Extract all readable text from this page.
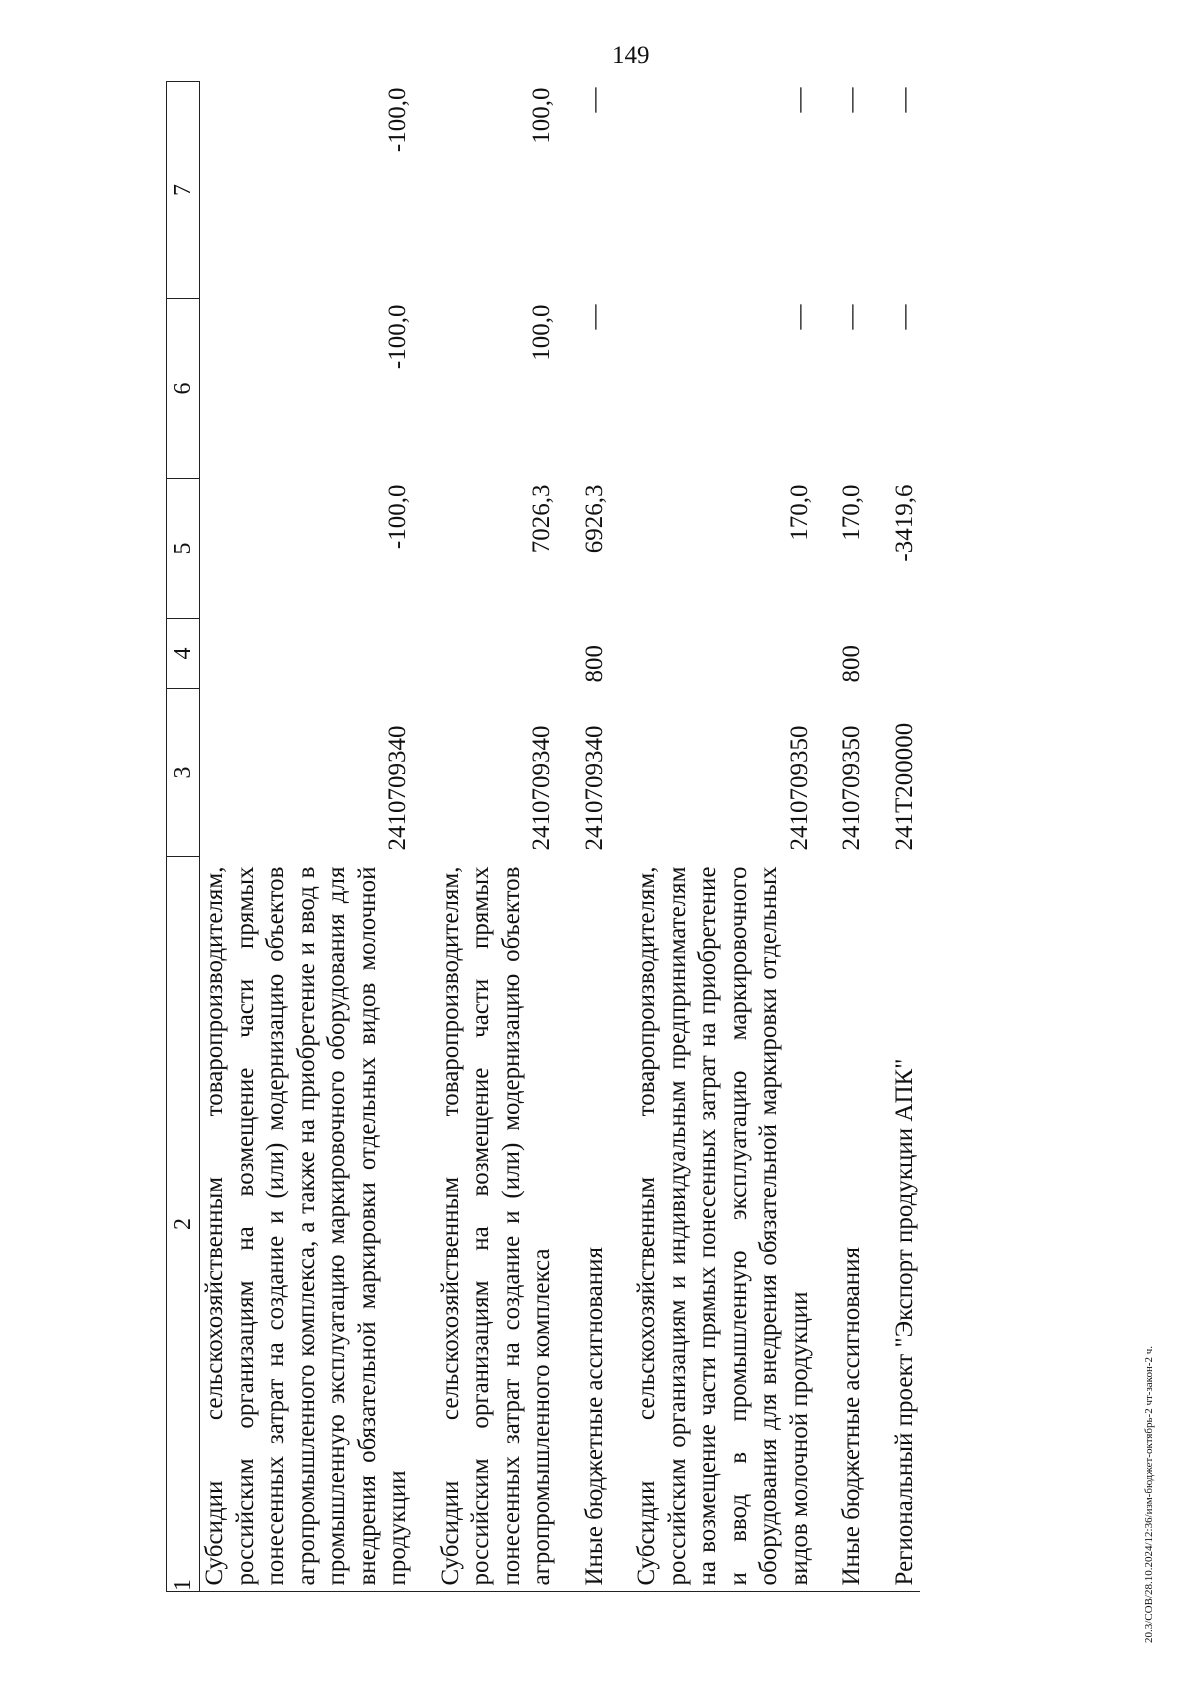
149
1	2	3	4	5	6	7
	Субсидии сельскохозяйственным товаропроизводителям, российским организациям на возмещение части прямых понесенных затрат на создание и (или) модернизацию объектов агропромышленного комплекса, а также на приобретение и ввод в промышленную эксплуатацию маркировочного оборудования для внедрения обязательной маркировки отдельных видов молочной продукции	2410709340		-100,0	-100,0	-100,0

	Субсидии сельскохозяйственным товаропроизводителям, российским организациям на возмещение части прямых понесенных затрат на создание и (или) модернизацию объектов агропромышленного комплекса	2410709340		7026,3	100,0	100,0

	Иные бюджетные ассигнования	2410709340	800	6926,3	—	—

	Субсидии сельскохозяйственным товаропроизводителям, российским организациям и индивидуальным предпринимателям на возмещение части прямых понесенных затрат на приобретение и ввод в промышленную эксплуатацию маркировочного оборудования для внедрения обязательной маркировки отдельных видов молочной продукции	2410709350		170,0	—	—

	Иные бюджетные ассигнования	2410709350	800	170,0	—	—

	Региональный проект "Экспорт продукции АПК"	241Т200000		-3419,6	—	—
20.3/СОВ/28.10.2024/12:36/изм-бюджет-октябрь-2 чт-закон-2 ч.
